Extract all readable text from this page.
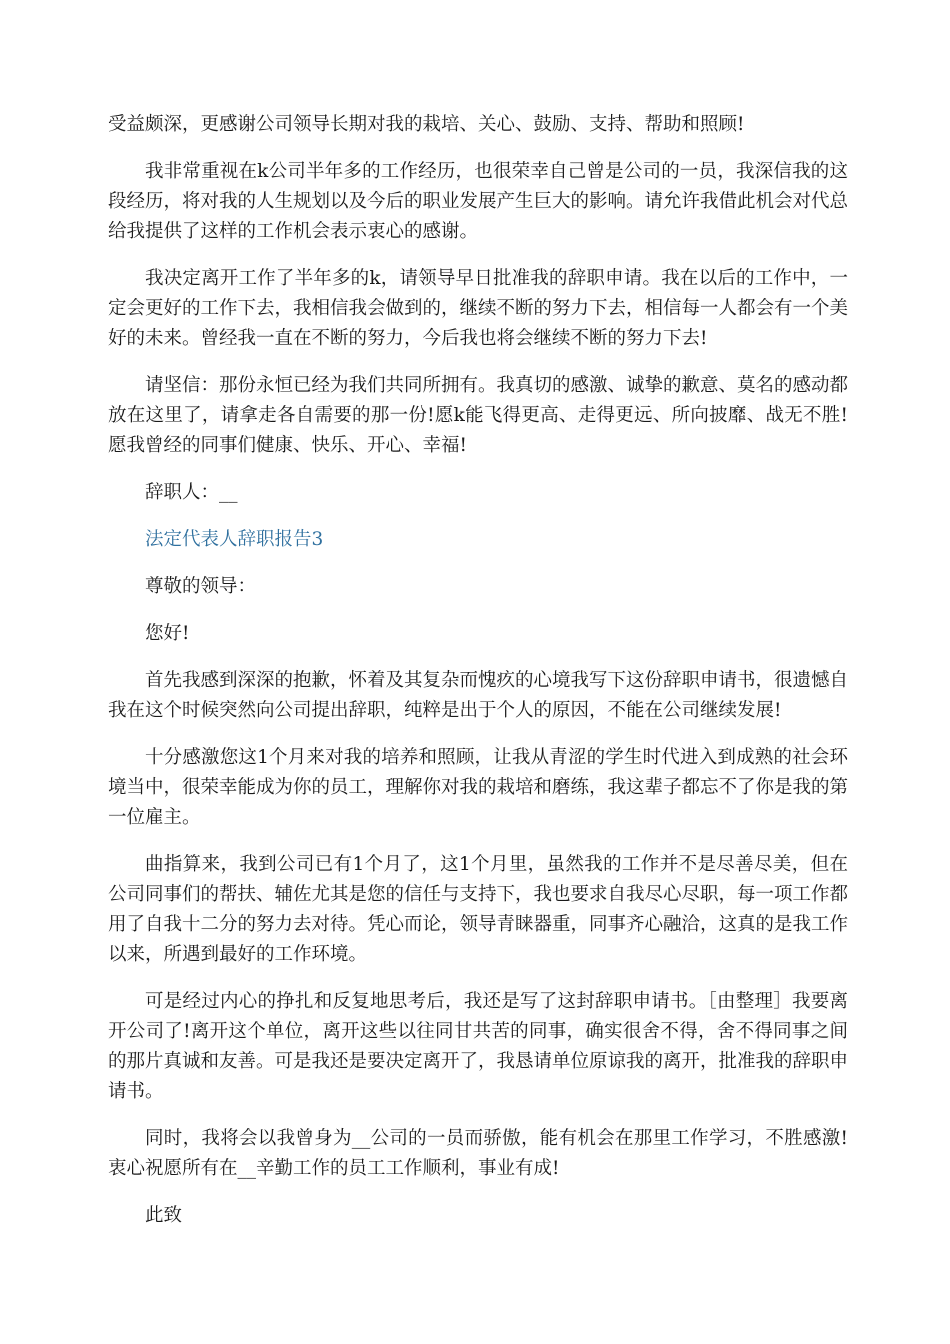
受益颇深，更感谢公司领导长期对我的栽培、关心、鼓励、支持、帮助和照顾!

我非常重视在k公司半年多的工作经历，也很荣幸自己曾是公司的一员，我深信我的这段经历，将对我的人生规划以及今后的职业发展产生巨大的影响。请允许我借此机会对代总给我提供了这样的工作机会表示衷心的感谢。

我决定离开工作了半年多的k，请领导早日批准我的辞职申请。我在以后的工作中，一定会更好的工作下去，我相信我会做到的，继续不断的努力下去，相信每一人都会有一个美好的未来。曾经我一直在不断的努力，今后我也将会继续不断的努力下去!

请坚信：那份永恒已经为我们共同所拥有。我真切的感激、诚挚的歉意、莫名的感动都放在这里了，请拿走各自需要的那一份!愿k能飞得更高、走得更远、所向披靡、战无不胜!愿我曾经的同事们健康、快乐、开心、幸福!

辞职人：__

法定代表人辞职报告3

尊敬的领导：

您好!

首先我感到深深的抱歉，怀着及其复杂而愧疚的心境我写下这份辞职申请书，很遗憾自我在这个时候突然向公司提出辞职，纯粹是出于个人的原因，不能在公司继续发展!

十分感激您这1个月来对我的培养和照顾，让我从青涩的学生时代进入到成熟的社会环境当中，很荣幸能成为你的员工，理解你对我的栽培和磨练，我这辈子都忘不了你是我的第一位雇主。

曲指算来，我到公司已有1个月了，这1个月里，虽然我的工作并不是尽善尽美，但在公司同事们的帮扶、辅佐尤其是您的信任与支持下，我也要求自我尽心尽职，每一项工作都用了自我十二分的努力去对待。凭心而论，领导青睐器重，同事齐心融洽，这真的是我工作以来，所遇到最好的工作环境。

可是经过内心的挣扎和反复地思考后，我还是写了这封辞职申请书。［由整理］我要离开公司了!离开这个单位，离开这些以往同甘共苦的同事，确实很舍不得，舍不得同事之间的那片真诚和友善。可是我还是要决定离开了，我恳请单位原谅我的离开，批准我的辞职申请书。

同时，我将会以我曾身为__公司的一员而骄傲，能有机会在那里工作学习，不胜感激!衷心祝愿所有在__辛勤工作的员工工作顺利，事业有成!

此致
